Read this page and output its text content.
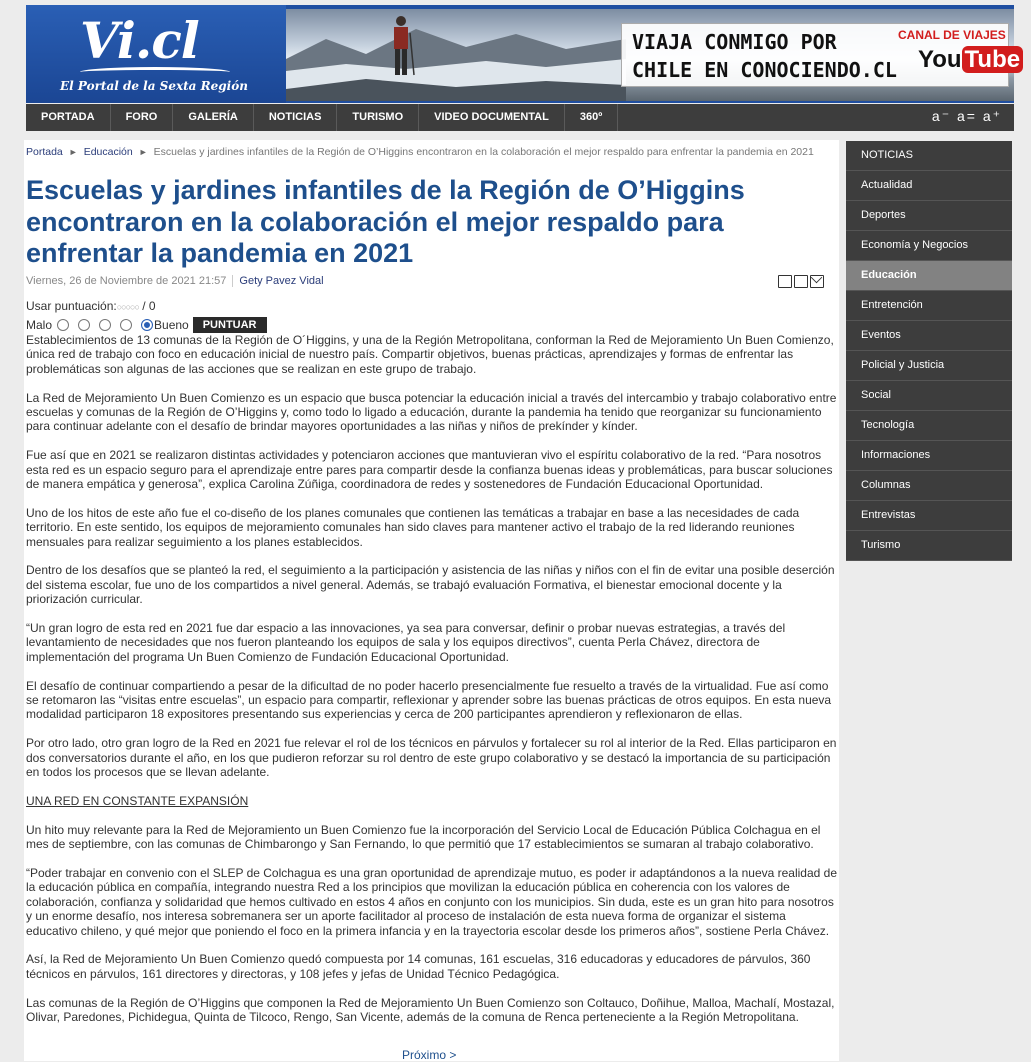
Vi.cl
El Portal de la Sexta Región
VIAJA CONMIGO POR
CHILE EN CONOCIENDO.CL
CANAL DE VIAJES
You Tube
PORTADA	FORO	GALERÍA	NOTICIAS	TURISMO	VIDEO DOCUMENTAL	360º	a⁻ a= a⁺
Portada ► Educación ► Escuelas y jardines infantiles de la Región de O’Higgins encontraron en la colaboración el mejor respaldo para enfrentar la pandemia en 2021
Escuelas y jardines infantiles de la Región de O’Higgins encontraron en la colaboración el mejor respaldo para enfrentar la pandemia en 2021
Viernes, 26 de Noviembre de 2021 21:57 Gety Pavez Vidal
Usar puntuación:○○○○○ / 0
Malo	Bueno	PUNTUAR

Establecimientos de 13 comunas de la Región de O´Higgins, y una de la Región Metropolitana, conforman la Red de Mejoramiento Un Buen Comienzo, única red de trabajo con foco en educación inicial de nuestro país. Compartir objetivos, buenas prácticas, aprendizajes y formas de enfrentar las problemáticas son algunas de las acciones que se realizan en este grupo de trabajo.

La Red de Mejoramiento Un Buen Comienzo es un espacio que busca potenciar la educación inicial a través del intercambio y trabajo colaborativo entre escuelas y comunas de la Región de O’Higgins y, como todo lo ligado a educación, durante la pandemia ha tenido que reorganizar su funcionamiento para continuar adelante con el desafío de brindar mayores oportunidades a las niñas y niños de prekínder y kínder.

Fue así que en 2021 se realizaron distintas actividades y potenciaron acciones que mantuvieran vivo el espíritu colaborativo de la red. “Para nosotros esta red es un espacio seguro para el aprendizaje entre pares para compartir desde la confianza buenas ideas y problemáticas, para buscar soluciones de manera empática y generosa”, explica Carolina Zúñiga, coordinadora de redes y sostenedores de Fundación Educacional Oportunidad.

Uno de los hitos de este año fue el co-diseño de los planes comunales que contienen las temáticas a trabajar en base a las necesidades de cada territorio. En este sentido, los equipos de mejoramiento comunales han sido claves para mantener activo el trabajo de la red liderando reuniones mensuales para realizar seguimiento a los planes establecidos.

Dentro de los desafíos que se planteó la red, el seguimiento a la participación y asistencia de las niñas y niños con el fin de evitar una posible deserción del sistema escolar, fue uno de los compartidos a nivel general. Además, se trabajó evaluación Formativa, el bienestar emocional docente y la priorización curricular.

“Un gran logro de esta red en 2021 fue dar espacio a las innovaciones, ya sea para conversar, definir o probar nuevas estrategias, a través del levantamiento de necesidades que nos fueron planteando los equipos de sala y los equipos directivos”, cuenta Perla Chávez, directora de implementación del programa Un Buen Comienzo de Fundación Educacional Oportunidad.

El desafío de continuar compartiendo a pesar de la dificultad de no poder hacerlo presencialmente fue resuelto a través de la virtualidad. Fue así como se retomaron las “visitas entre escuelas”, un espacio para compartir, reflexionar y aprender sobre las buenas prácticas de otros equipos. En esta nueva modalidad participaron 18 expositores presentando sus experiencias y cerca de 200 participantes aprendieron y reflexionaron de ellas.

Por otro lado, otro gran logro de la Red en 2021 fue relevar el rol de los técnicos en párvulos y fortalecer su rol al interior de la Red. Ellas participaron en dos conversatorios durante el año, en los que pudieron reforzar su rol dentro de este grupo colaborativo y se destacó la importancia de su participación en todos los procesos que se llevan adelante.

UNA RED EN CONSTANTE EXPANSIÓN

Un hito muy relevante para la Red de Mejoramiento un Buen Comienzo fue la incorporación del Servicio Local de Educación Pública Colchagua en el mes de septiembre, con las comunas de Chimbarongo y San Fernando, lo que permitió que 17 establecimientos se sumaran al trabajo colaborativo.

“Poder trabajar en convenio con el SLEP de Colchagua es una gran oportunidad de aprendizaje mutuo, es poder ir adaptándonos a la nueva realidad de la educación pública en compañía, integrando nuestra Red a los principios que movilizan la educación pública en coherencia con los valores de colaboración, confianza y solidaridad que hemos cultivado en estos 4 años en conjunto con los municipios. Sin duda, este es un gran hito para nosotros y un enorme desafío, nos interesa sobremanera ser un aporte facilitador al proceso de instalación de esta nueva forma de organizar el sistema educativo chileno, y qué mejor que poniendo el foco en la primera infancia y en la trayectoria escolar desde los primeros años”, sostiene Perla Chávez.

Así, la Red de Mejoramiento Un Buen Comienzo quedó compuesta por 14 comunas, 161 escuelas, 316 educadoras y educadores de párvulos, 360 técnicos en párvulos, 161 directores y directoras, y 108 jefes y jefas de Unidad Técnico Pedagógica.

Las comunas de la Región de O’Higgins que componen la Red de Mejoramiento Un Buen Comienzo son Coltauco, Doñihue, Malloa, Machalí, Mostazal, Olivar, Paredones, Pichidegua, Quinta de Tilcoco, Rengo, San Vicente, además de la comuna de Renca perteneciente a la Región Metropolitana.

Próximo >
NOTICIAS
Actualidad
Deportes
Economía y Negocios
Educación
Entretención
Eventos
Policial y Justicia
Social
Tecnología
Informaciones
Columnas
Entrevistas
Turismo
